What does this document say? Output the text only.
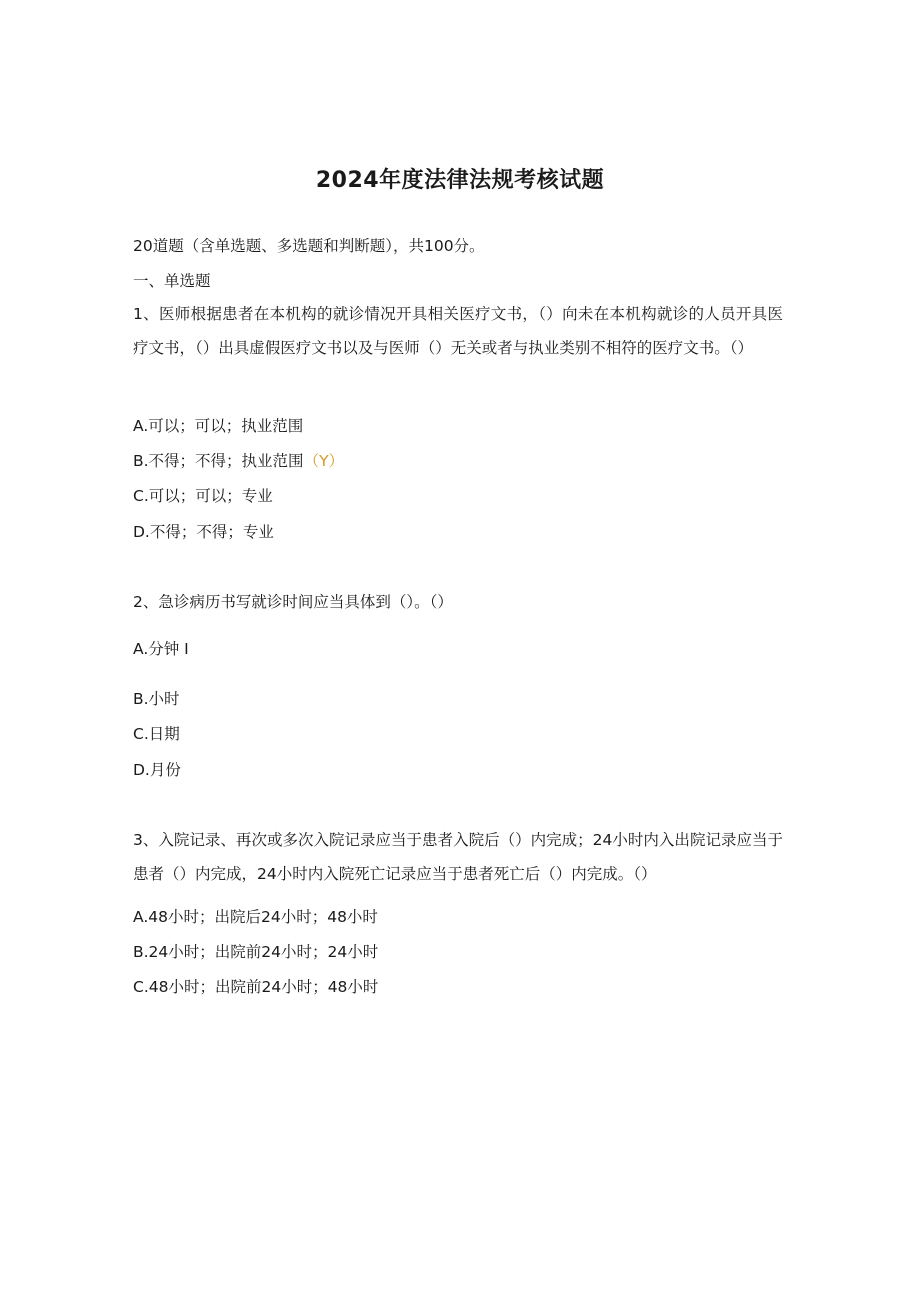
2024年度法律法规考核试题
20道题（含单选题、多选题和判断题），共100分。
一、单选题
1、医师根据患者在本机构的就诊情况开具相关医疗文书，（）向未在本机构就诊的人员开具医疗文书，（）出具虚假医疗文书以及与医师（）无关或者与执业类别不相符的医疗文书。（）
A.可以；可以；执业范围
B.不得；不得；执业范围（Y）
C.可以；可以；专业
D.不得；不得；专业
2、急诊病历书写就诊时间应当具体到（）。（）
A.分钟 I
B.小时
C.日期
D.月份
3、入院记录、再次或多次入院记录应当于患者入院后（）内完成；24小时内入出院记录应当于患者（）内完成，24小时内入院死亡记录应当于患者死亡后（）内完成。（）
A.48小时；出院后24小时；48小时
B.24小时；出院前24小时；24小时
C.48小时；出院前24小时；48小时
